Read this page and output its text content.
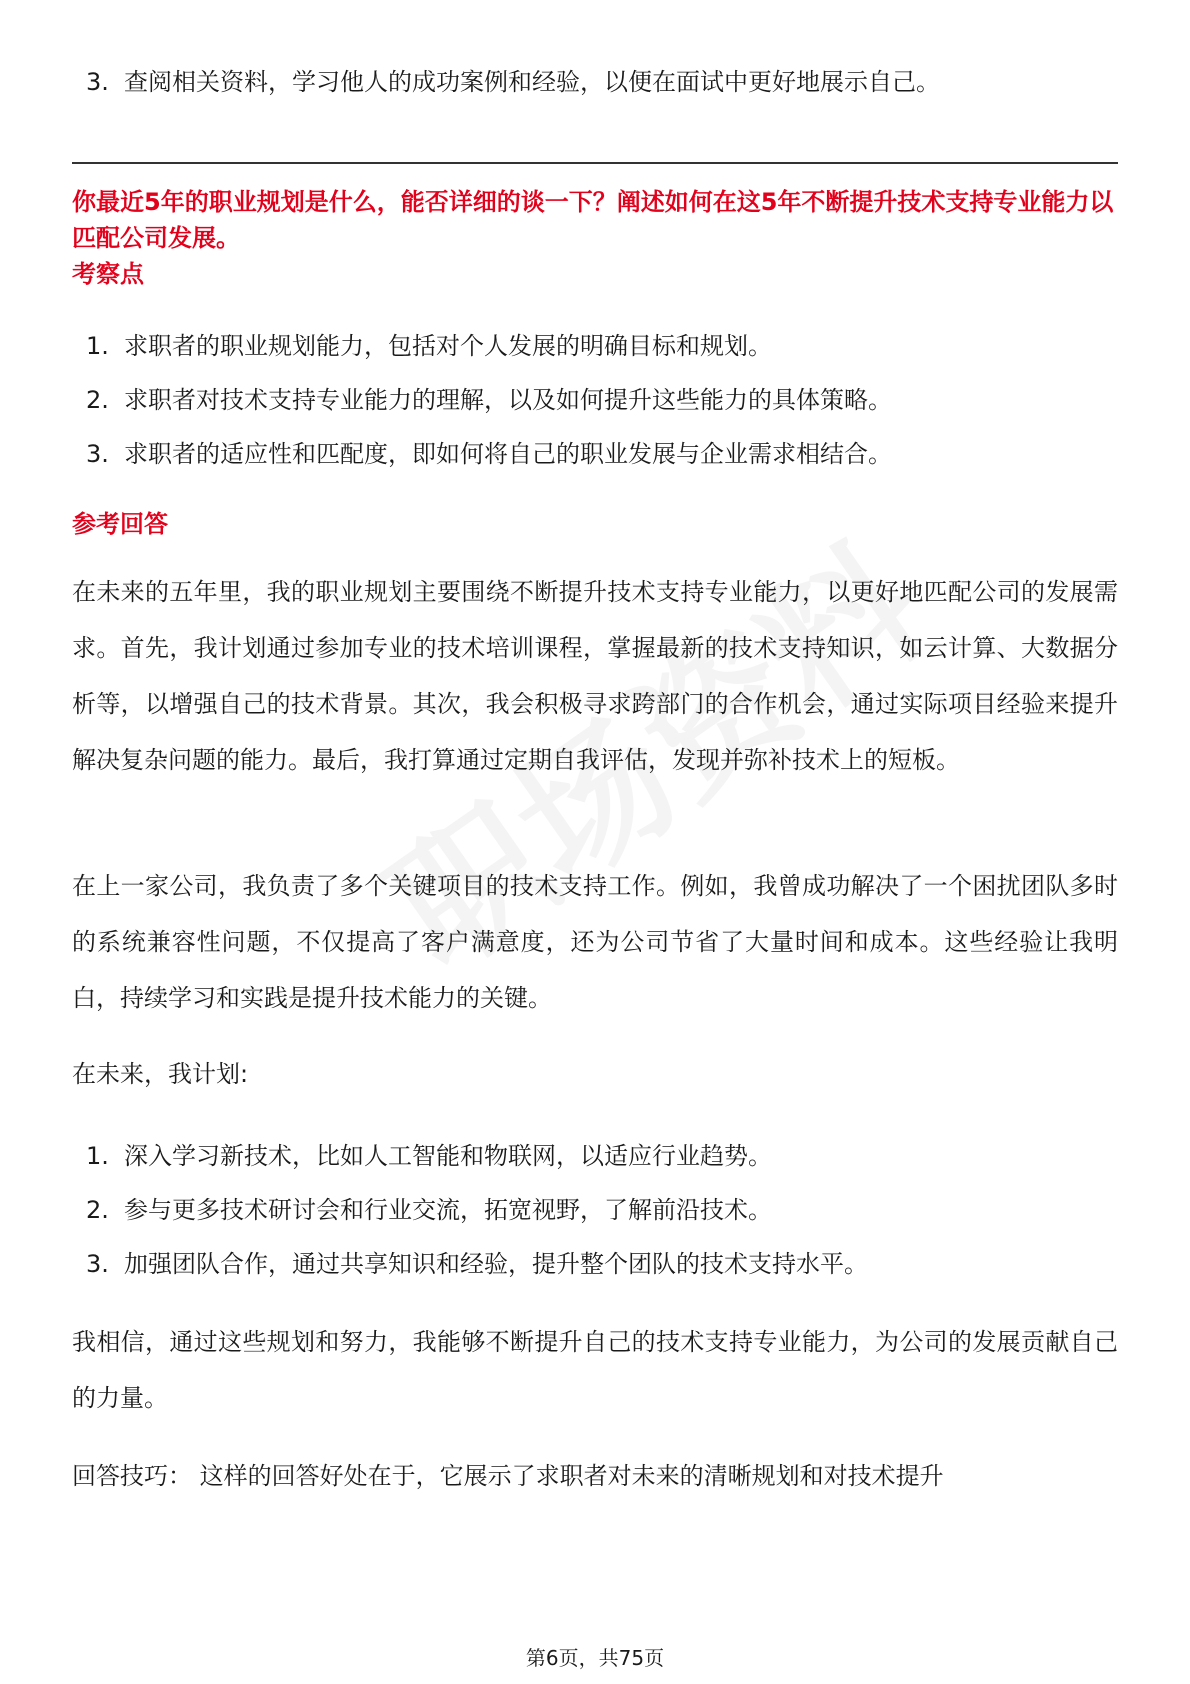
3. 查阅相关资料，学习他人的成功案例和经验，以便在面试中更好地展示自己。
你最近5年的职业规划是什么，能否详细的谈一下？阐述如何在这5年不断提升技术支持专业能力以匹配公司发展。
考察点
1. 求职者的职业规划能力，包括对个人发展的明确目标和规划。
2. 求职者对技术支持专业能力的理解，以及如何提升这些能力的具体策略。
3. 求职者的适应性和匹配度，即如何将自己的职业发展与企业需求相结合。
参考回答

在未来的五年里，我的职业规划主要围绕不断提升技术支持专业能力，以更好地匹配公司的发展需求。首先，我计划通过参加专业的技术培训课程，掌握最新的技术支持知识，如云计算、大数据分析等，以增强自己的技术背景。其次，我会积极寻求跨部门的合作机会，通过实际项目经验来提升解决复杂问题的能力。最后，我打算通过定期自我评估，发现并弥补技术上的短板。

在上一家公司，我负责了多个关键项目的技术支持工作。例如，我曾成功解决了一个困扰团队多时的系统兼容性问题，不仅提高了客户满意度，还为公司节省了大量时间和成本。这些经验让我明白，持续学习和实践是提升技术能力的关键。

在未来，我计划:

1. 深入学习新技术，比如人工智能和物联网，以适应行业趋势。
2. 参与更多技术研讨会和行业交流，拓宽视野，了解前沿技术。
3. 加强团队合作，通过共享知识和经验，提升整个团队的技术支持水平。

我相信，通过这些规划和努力，我能够不断提升自己的技术支持专业能力，为公司的发展贡献自己的力量。

回答技巧： 这样的回答好处在于，它展示了求职者对未来的清晰规划和对技术提升

第6页，共75页
